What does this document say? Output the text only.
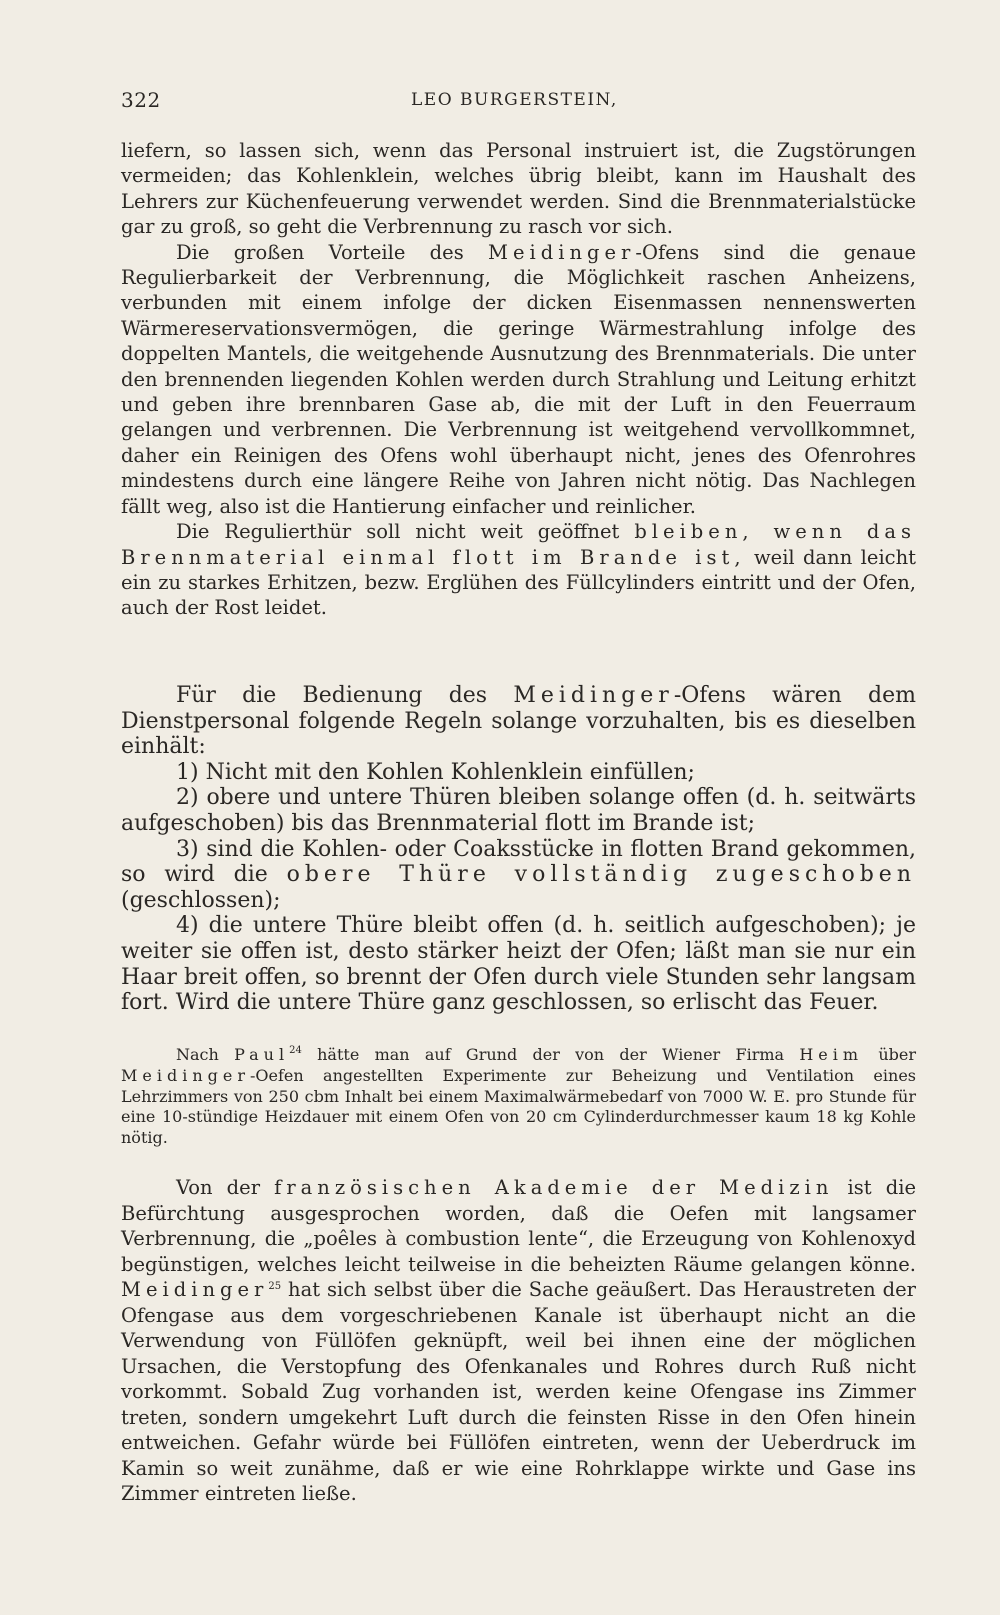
322	LEO BURGERSTEIN,

liefern, so lassen sich, wenn das Personal instruiert ist, die Zugstörungen vermeiden; das Kohlenklein, welches übrig bleibt, kann im Haushalt des Lehrers zur Küchenfeuerung verwendet werden. Sind die Brennmaterialstücke gar zu groß, so geht die Verbrennung zu rasch vor sich.

Die großen Vorteile des Meidinger-Ofens sind die genaue Regulierbarkeit der Verbrennung, die Möglichkeit raschen Anheizens, verbunden mit einem infolge der dicken Eisenmassen nennenswerten Wärmereservationsvermögen, die geringe Wärmestrahlung infolge des doppelten Mantels, die weitgehende Ausnutzung des Brennmaterials. Die unter den brennenden liegenden Kohlen werden durch Strahlung und Leitung erhitzt und geben ihre brennbaren Gase ab, die mit der Luft in den Feuerraum gelangen und verbrennen. Die Verbrennung ist weitgehend vervollkommnet, daher ein Reinigen des Ofens wohl überhaupt nicht, jenes des Ofenrohres mindestens durch eine längere Reihe von Jahren nicht nötig. Das Nachlegen fällt weg, also ist die Hantierung einfacher und reinlicher.

Die Regulierthür soll nicht weit geöffnet bleiben, wenn das Brennmaterial einmal flott im Brande ist, weil dann leicht ein zu starkes Erhitzen, bezw. Erglühen des Füllcylinders eintritt und der Ofen, auch der Rost leidet.

Für die Bedienung des Meidinger-Ofens wären dem Dienstpersonal folgende Regeln solange vorzuhalten, bis es dieselben einhält:

1) Nicht mit den Kohlen Kohlenklein einfüllen;

2) obere und untere Thüren bleiben solange offen (d. h. seitwärts aufgeschoben) bis das Brennmaterial flott im Brande ist;

3) sind die Kohlen- oder Coaksstücke in flotten Brand gekommen, so wird die obere Thüre vollständig zugeschoben (geschlossen);

4) die untere Thüre bleibt offen (d. h. seitlich aufgeschoben); je weiter sie offen ist, desto stärker heizt der Ofen; läßt man sie nur ein Haar breit offen, so brennt der Ofen durch viele Stunden sehr langsam fort. Wird die untere Thüre ganz geschlossen, so erlischt das Feuer.

Nach Paul$^{24}$ hätte man auf Grund der von der Wiener Firma Heim über Meidinger-Oefen angestellten Experimente zur Beheizung und Ventilation eines Lehrzimmers von 250 cbm Inhalt bei einem Maximalwärmebedarf von 7000 W. E. pro Stunde für eine 10-stündige Heizdauer mit einem Ofen von 20 cm Cylinderdurchmesser kaum 18 kg Kohle nötig.

Von der französischen Akademie der Medizin ist die Befürchtung ausgesprochen worden, daß die Oefen mit langsamer Verbrennung, die „poêles à combustion lente“, die Erzeugung von Kohlenoxyd begünstigen, welches leicht teilweise in die beheizten Räume gelangen könne. Meidinger$^{25}$ hat sich selbst über die Sache geäußert. Das Heraustreten der Ofengase aus dem vorgeschriebenen Kanale ist überhaupt nicht an die Verwendung von Füllöfen geknüpft, weil bei ihnen eine der möglichen Ursachen, die Verstopfung des Ofenkanales und Rohres durch Ruß nicht vorkommt. Sobald Zug vorhanden ist, werden keine Ofengase ins Zimmer treten, sondern umgekehrt Luft durch die feinsten Risse in den Ofen hinein entweichen. Gefahr würde bei Füllöfen eintreten, wenn der Ueberdruck im Kamin so weit zunähme, daß er wie eine Rohrklappe wirkte und Gase ins Zimmer eintreten ließe.
